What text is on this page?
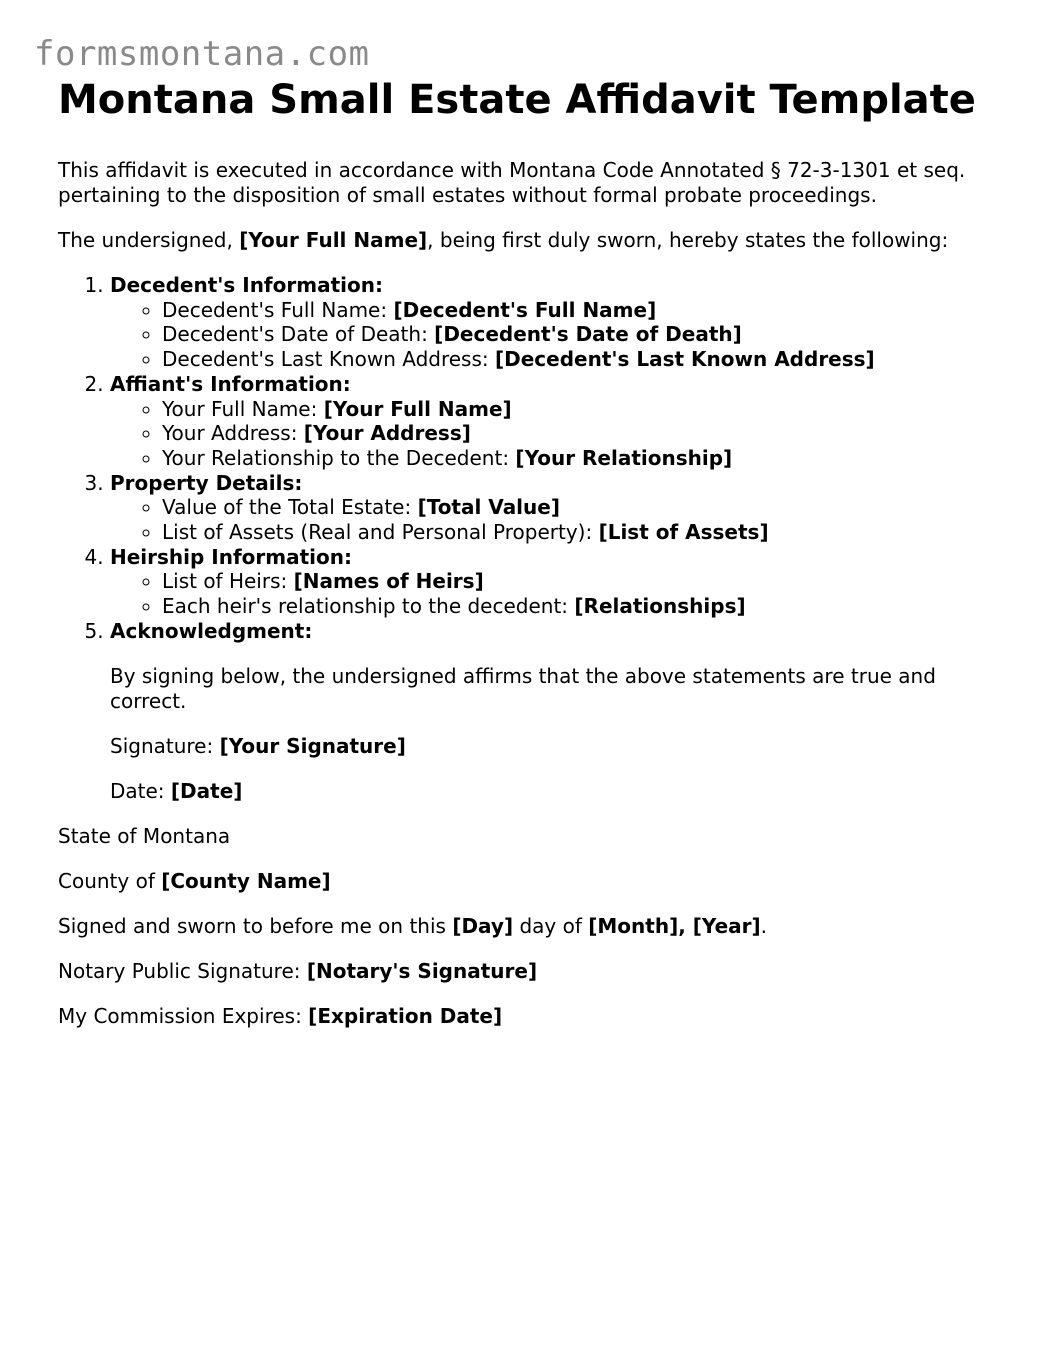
formsmontana.com
Montana Small Estate Affidavit Template

This affidavit is executed in accordance with Montana Code Annotated § 72-3-1301 et seq. pertaining to the disposition of small estates without formal probate proceedings.

The undersigned, [Your Full Name], being first duly sworn, hereby states the following:

1. Decedent's Information:
◦ Decedent's Full Name: [Decedent's Full Name]
◦ Decedent's Date of Death: [Decedent's Date of Death]
◦ Decedent's Last Known Address: [Decedent's Last Known Address]
2. Affiant's Information:
◦ Your Full Name: [Your Full Name]
◦ Your Address: [Your Address]
◦ Your Relationship to the Decedent: [Your Relationship]
3. Property Details:
◦ Value of the Total Estate: [Total Value]
◦ List of Assets (Real and Personal Property): [List of Assets]
4. Heirship Information:
◦ List of Heirs: [Names of Heirs]
◦ Each heir's relationship to the decedent: [Relationships]
5. Acknowledgment:

By signing below, the undersigned affirms that the above statements are true and correct.

Signature: [Your Signature]

Date: [Date]

State of Montana

County of [County Name]

Signed and sworn to before me on this [Day] day of [Month], [Year].

Notary Public Signature: [Notary's Signature]

My Commission Expires: [Expiration Date]
